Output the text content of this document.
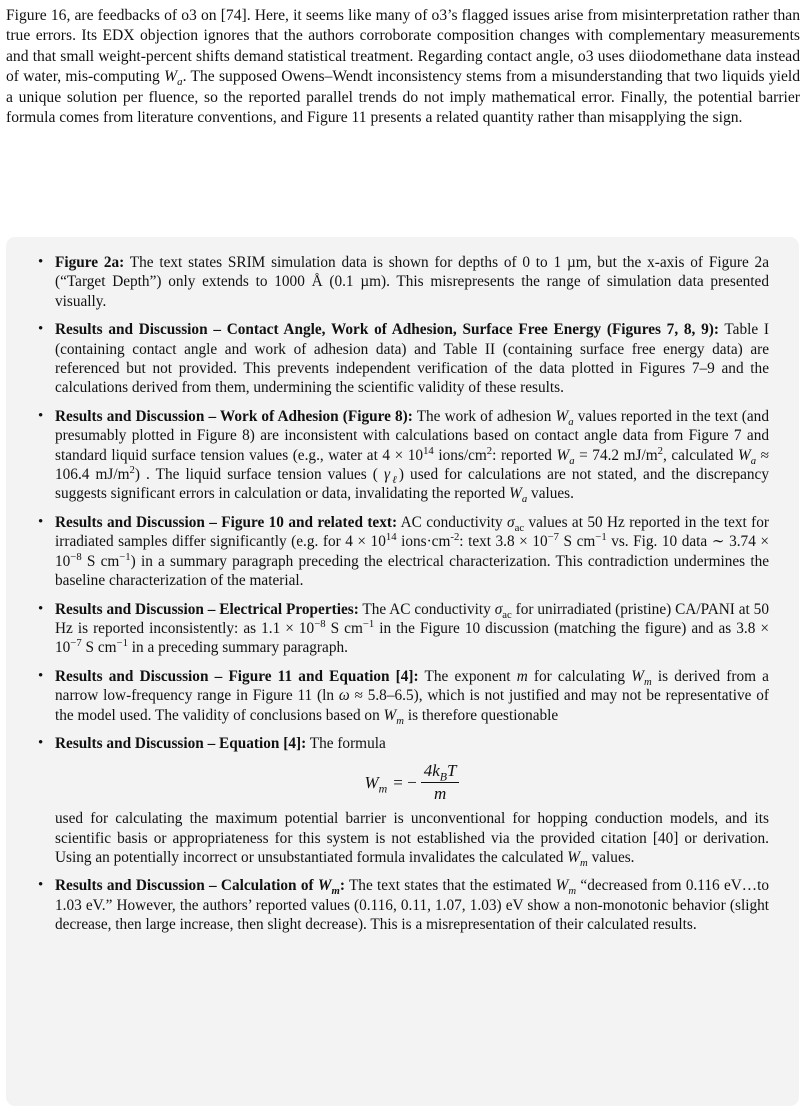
Figure 16, are feedbacks of o3 on [74]. Here, it seems like many of o3’s flagged issues arise from misinterpretation rather than true errors. Its EDX objection ignores that the authors corroborate composition changes with complementary measurements and that small weight-percent shifts demand statistical treatment. Regarding contact angle, o3 uses diiodomethane data instead of water, mis-computing $W_a$. The supposed Owens–Wendt inconsistency stems from a misunderstanding that two liquids yield a unique solution per fluence, so the reported parallel trends do not imply mathematical error. Finally, the potential barrier formula comes from literature conventions, and Figure 11 presents a related quantity rather than misapplying the sign.
• Figure 2a: The text states SRIM simulation data is shown for depths of 0 to 1 µm, but the x-axis of Figure 2a (“Target Depth”) only extends to 1000 Å (0.1 µm). This misrepresents the range of simulation data presented visually.
• Results and Discussion – Contact Angle, Work of Adhesion, Surface Free Energy (Figures 7, 8, 9): Table I (containing contact angle and work of adhesion data) and Table II (containing surface free energy data) are referenced but not provided. This prevents independent verification of the data plotted in Figures 7–9 and the calculations derived from them, undermining the scientific validity of these results.
• Results and Discussion – Work of Adhesion (Figure 8): The work of adhesion $W_a$ values reported in the text (and presumably plotted in Figure 8) are inconsistent with calculations based on contact angle data from Figure 7 and standard liquid surface tension values (e.g., water at $4 \times 10^{14}$ ions/$cm^2$: reported $W_a = 74.2$ $mJ/m^2$, calculated $W_a \approx 106.4$ $mJ/m^2$) . The liquid surface tension values ( $\gamma_\ell$) used for calculations are not stated, and the discrepancy suggests significant errors in calculation or data, invalidating the reported $W_a$ values.
• Results and Discussion – Figure 10 and related text: AC conductivity $\sigma_{ac}$ values at 50 Hz reported in the text for irradiated samples differ significantly (e.g. for $4 \times 10^{14}$ $ions\cdot cm^{-2}$: text $3.8 \times 10^{-7}$ S $cm^{-1}$ vs. Fig. 10 data ∼ $3.74 \times 10^{-8}$ S $cm^{-1}$) in a summary paragraph preceding the electrical characterization. This contradiction undermines the baseline characterization of the material.
• Results and Discussion – Electrical Properties: The AC conductivity $\sigma_{ac}$ for unirradiated (pristine) CA/PANI at 50 Hz is reported inconsistently: as $1.1 \times 10^{-8}$ S $cm^{-1}$ in the Figure 10 discussion (matching the figure) and as $3.8 \times 10^{-7}$ S $cm^{-1}$ in a preceding summary paragraph.
• Results and Discussion – Figure 11 and Equation [4]: The exponent m for calculating $W_m$ is derived from a narrow low-frequency range in Figure 11 (ln ω ≈ 5.8–6.5), which is not justified and may not be representative of the model used. The validity of conclusions based on $W_m$ is therefore questionable
• Results and Discussion – Equation [4]: The formula
$W_m$ = − $\frac{4k_BT}{m}$
used for calculating the maximum potential barrier is unconventional for hopping conduction models, and its scientific basis or appropriateness for this system is not established via the provided citation [40] or derivation. Using an potentially incorrect or unsubstantiated formula invalidates the calculated $W_m$ values.
• Results and Discussion – Calculation of $W_m$: The text states that the estimated $W_m$ “decreased from 0.116 eV…to 1.03 eV.” However, the authors’ reported values (0.116, 0.11, 1.07, 1.03) eV show a non-monotonic behavior (slight decrease, then large increase, then slight decrease). This is a misrepresentation of their calculated results.
